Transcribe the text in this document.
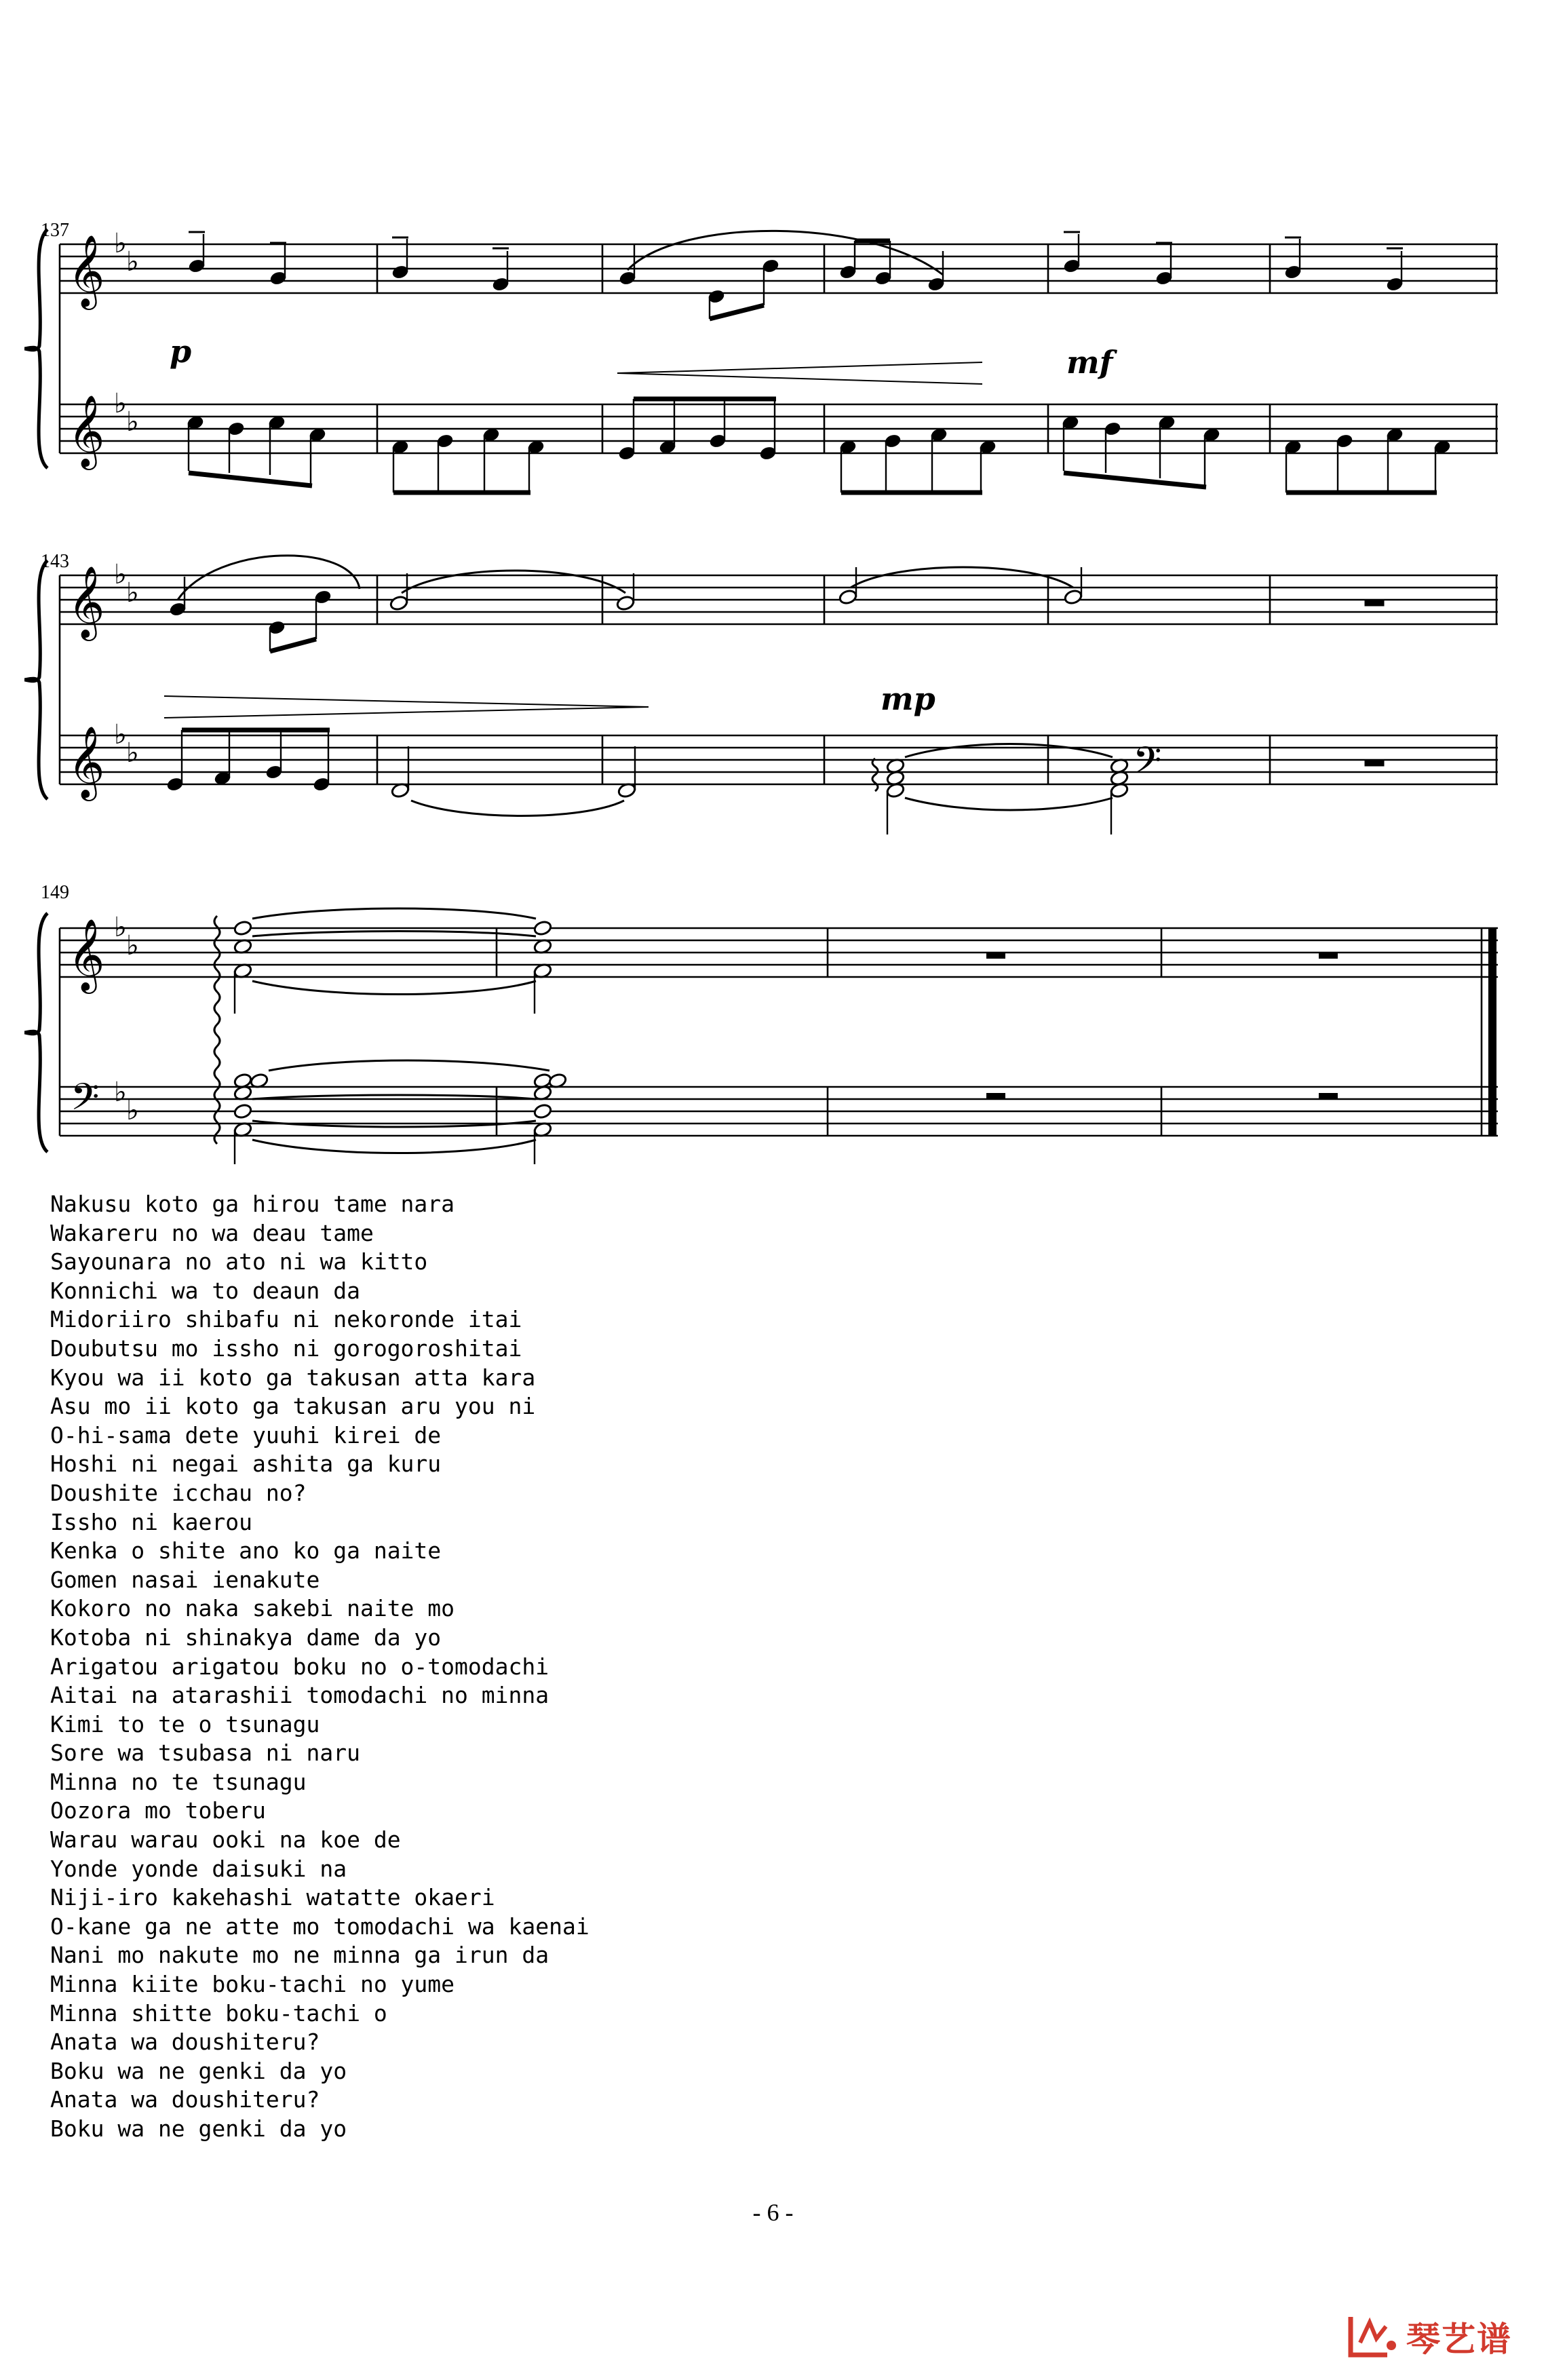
137
𝄞
𝄞
♭
♭
♭
♭
p	mf
143
𝄞
𝄞
♭
♭
♭
♭	𝄢
mp
149
𝄞
𝄢
♭
♭
♭
♭
Nakusu koto ga hirou tame nara
Wakareru no wa deau tame
Sayounara no ato ni wa kitto
Konnichi wa to deaun da
Midoriiro shibafu ni nekoronde itai
Doubutsu mo issho ni gorogoroshitai
Kyou wa ii koto ga takusan atta kara
Asu mo ii koto ga takusan aru you ni
O-hi-sama dete yuuhi kirei de
Hoshi ni negai ashita ga kuru
Doushite icchau no?
Issho ni kaerou
Kenka o shite ano ko ga naite
Gomen nasai ienakute
Kokoro no naka sakebi naite mo
Kotoba ni shinakya dame da yo
Arigatou arigatou boku no o-tomodachi
Aitai na atarashii tomodachi no minna
Kimi to te o tsunagu
Sore wa tsubasa ni naru
Minna no te tsunagu
Oozora mo toberu
Warau warau ooki na koe de
Yonde yonde daisuki na
Niji-iro kakehashi watatte okaeri
O-kane ga ne atte mo tomodachi wa kaenai
Nani mo nakute mo ne minna ga irun da
Minna kiite boku-tachi no yume
Minna shitte boku-tachi o
Anata wa doushiteru?
Boku wa ne genki da yo
Anata wa doushiteru?
Boku wa ne genki da yo
- 6 -
琴艺谱
